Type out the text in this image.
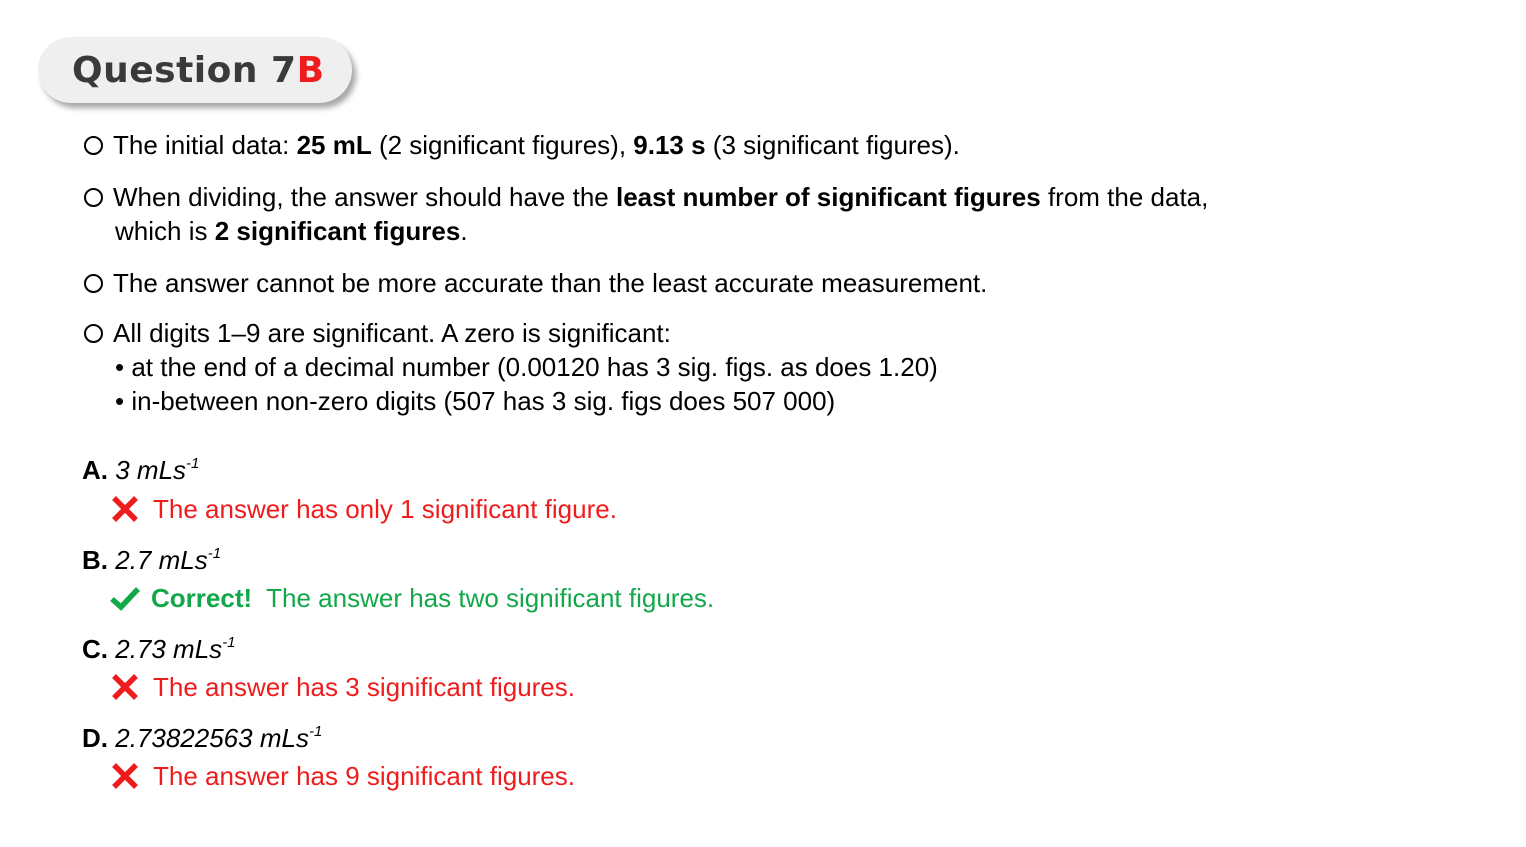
Question 7 B
The initial data: 25 mL (2 significant figures), 9.13 s (3 significant figures).
When dividing, the answer should have the least number of significant figures from the data,
which is 2 significant figures.
The answer cannot be more accurate than the least accurate measurement.
All digits 1–9 are significant. A zero is significant:
• at the end of a decimal number (0.00120 has 3 sig. figs. as does 1.20)
• in-between non-zero digits (507 has 3 sig. figs does 507 000)
A. 3 mLs$^{-1}$
The answer has only 1 significant figure.
B. 2.7 mLs$^{-1}$
Correct! The answer has two significant figures.
C. 2.73 mLs$^{-1}$
The answer has 3 significant figures.
D. 2.73822563 mLs$^{-1}$
The answer has 9 significant figures.
